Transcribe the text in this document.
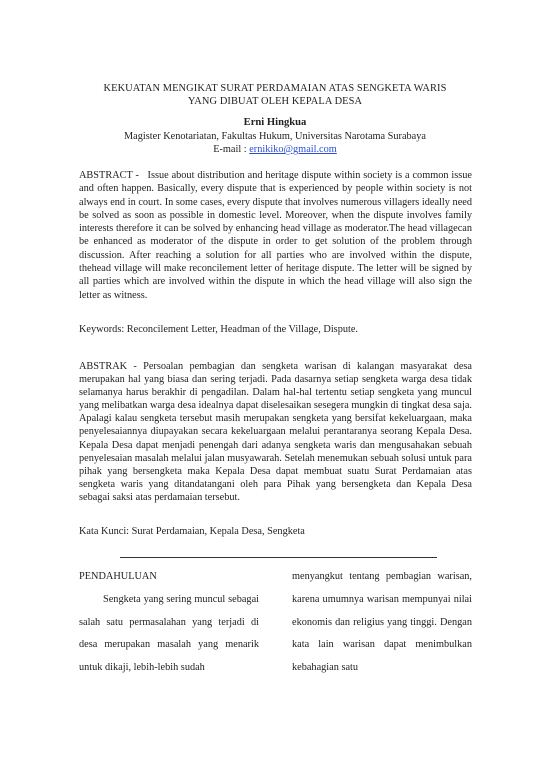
KEKUATAN MENGIKAT SURAT PERDAMAIAN ATAS SENGKETA WARIS
YANG DIBUAT OLEH KEPALA DESA
Erni Hingkua
Magister Kenotariatan, Fakultas Hukum, Universitas Narotama Surabaya
E-mail : ernikiko@gmail.com
ABSTRACT - Issue about distribution and heritage dispute within society is a common issue and often happen. Basically, every dispute that is experienced by people within society is not always end in court. In some cases, every dispute that involves numerous villagers ideally need be solved as soon as possible in domestic level. Moreover, when the dispute involves family interests therefore it can be solved by enhancing head village as moderator.The head villagecan be enhanced as moderator of the dispute in order to get solution of the problem through discussion. After reaching a solution for all parties who are involved within the dispute, thehead village will make reconcilement letter of heritage dispute. The letter will be signed by all parties which are involved within the dispute in which the head village will also sign the letter as witness.
Keywords: Reconcilement Letter, Headman of the Village, Dispute.
ABSTRAK - Persoalan pembagian dan sengketa warisan di kalangan masyarakat desa merupakan hal yang biasa dan sering terjadi. Pada dasarnya setiap sengketa warga desa tidak selamanya harus berakhir di pengadilan. Dalam hal-hal tertentu setiap sengketa yang muncul yang melibatkan warga desa idealnya dapat diselesaikan sesegera mungkin di tingkat desa saja. Apalagi kalau sengketa tersebut masih merupakan sengketa yang bersifat kekeluargaan, maka penyelesaiannya diupayakan secara kekeluargaan melalui perantaranya seorang Kepala Desa. Kepala Desa dapat menjadi penengah dari adanya sengketa waris dan mengusahakan sebuah penyelesaian masalah melalui jalan musyawarah. Setelah menemukan sebuah solusi untuk para pihak yang bersengketa maka Kepala Desa dapat membuat suatu Surat Perdamaian atas sengketa waris yang ditandatangani oleh para Pihak yang bersengketa dan Kepala Desa sebagai saksi atas perdamaian tersebut.
Kata Kunci: Surat Perdamaian, Kepala Desa, Sengketa
PENDAHULUAN
Sengketa yang sering muncul sebagai salah satu permasalahan yang terjadi di desa merupakan masalah yang menarik untuk dikaji, lebih-lebih sudah
menyangkut tentang pembagian warisan, karena umumnya warisan mempunyai nilai ekonomis dan religius yang tinggi. Dengan kata lain warisan dapat menimbulkan kebahagian satu
